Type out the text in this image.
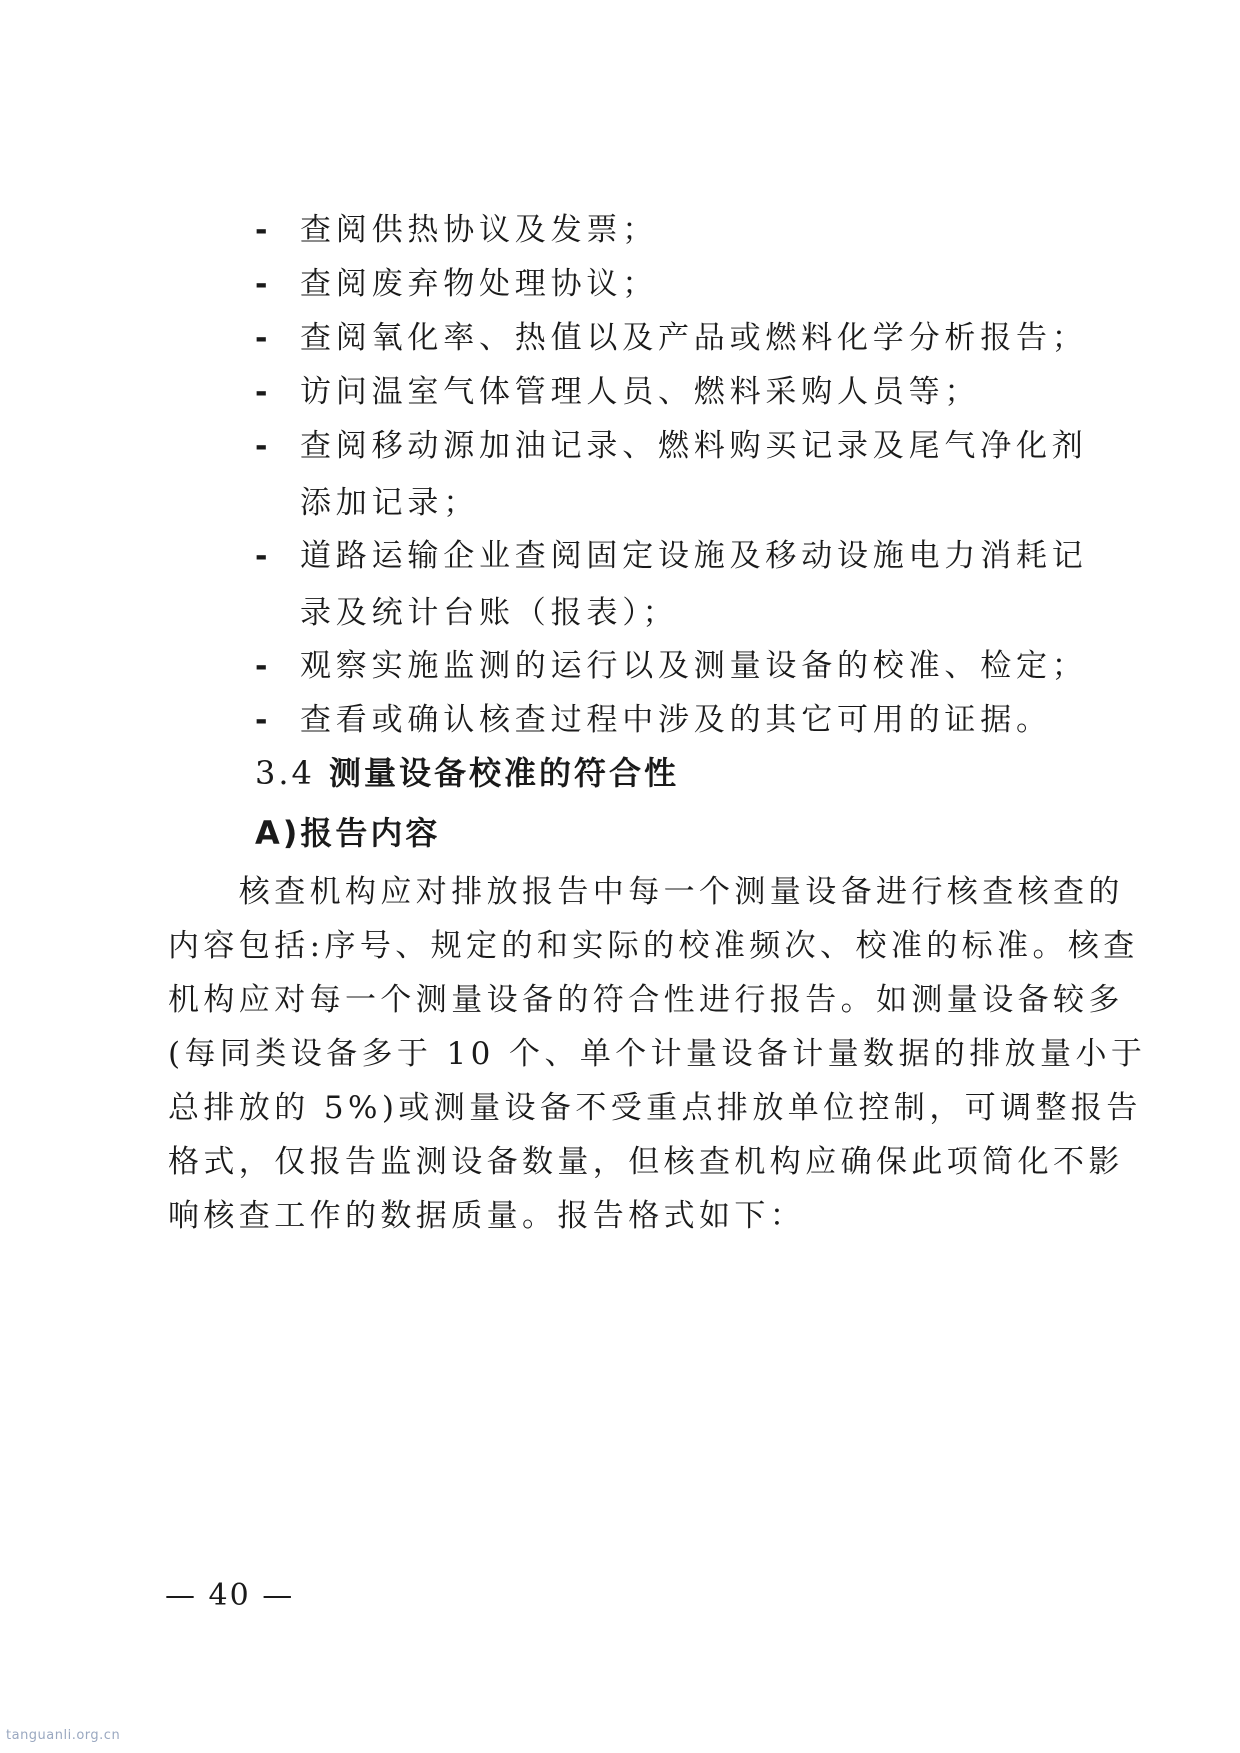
- 查阅供热协议及发票；
- 查阅废弃物处理协议；
- 查阅氧化率、热值以及产品或燃料化学分析报告；
- 访问温室气体管理人员、燃料采购人员等；
- 查阅移动源加油记录、燃料购买记录及尾气净化剂添加记录；
- 道路运输企业查阅固定设施及移动设施电力消耗记录及统计台账（报表）；
- 观察实施监测的运行以及测量设备的校准、检定；
- 查看或确认核查过程中涉及的其它可用的证据。
3.4 测量设备校准的符合性
A)报告内容
　　核查机构应对排放报告中每一个测量设备进行核查核查的
内容包括:序号、规定的和实际的校准频次、校准的标准。核查
机构应对每一个测量设备的符合性进行报告。如测量设备较多
(每同类设备多于 10 个、单个计量设备计量数据的排放量小于
总排放的 5%)或测量设备不受重点排放单位控制，可调整报告
格式，仅报告监测设备数量，但核查机构应确保此项简化不影
响核查工作的数据质量。报告格式如下：
— 40 —
tanguanli.org.cn
